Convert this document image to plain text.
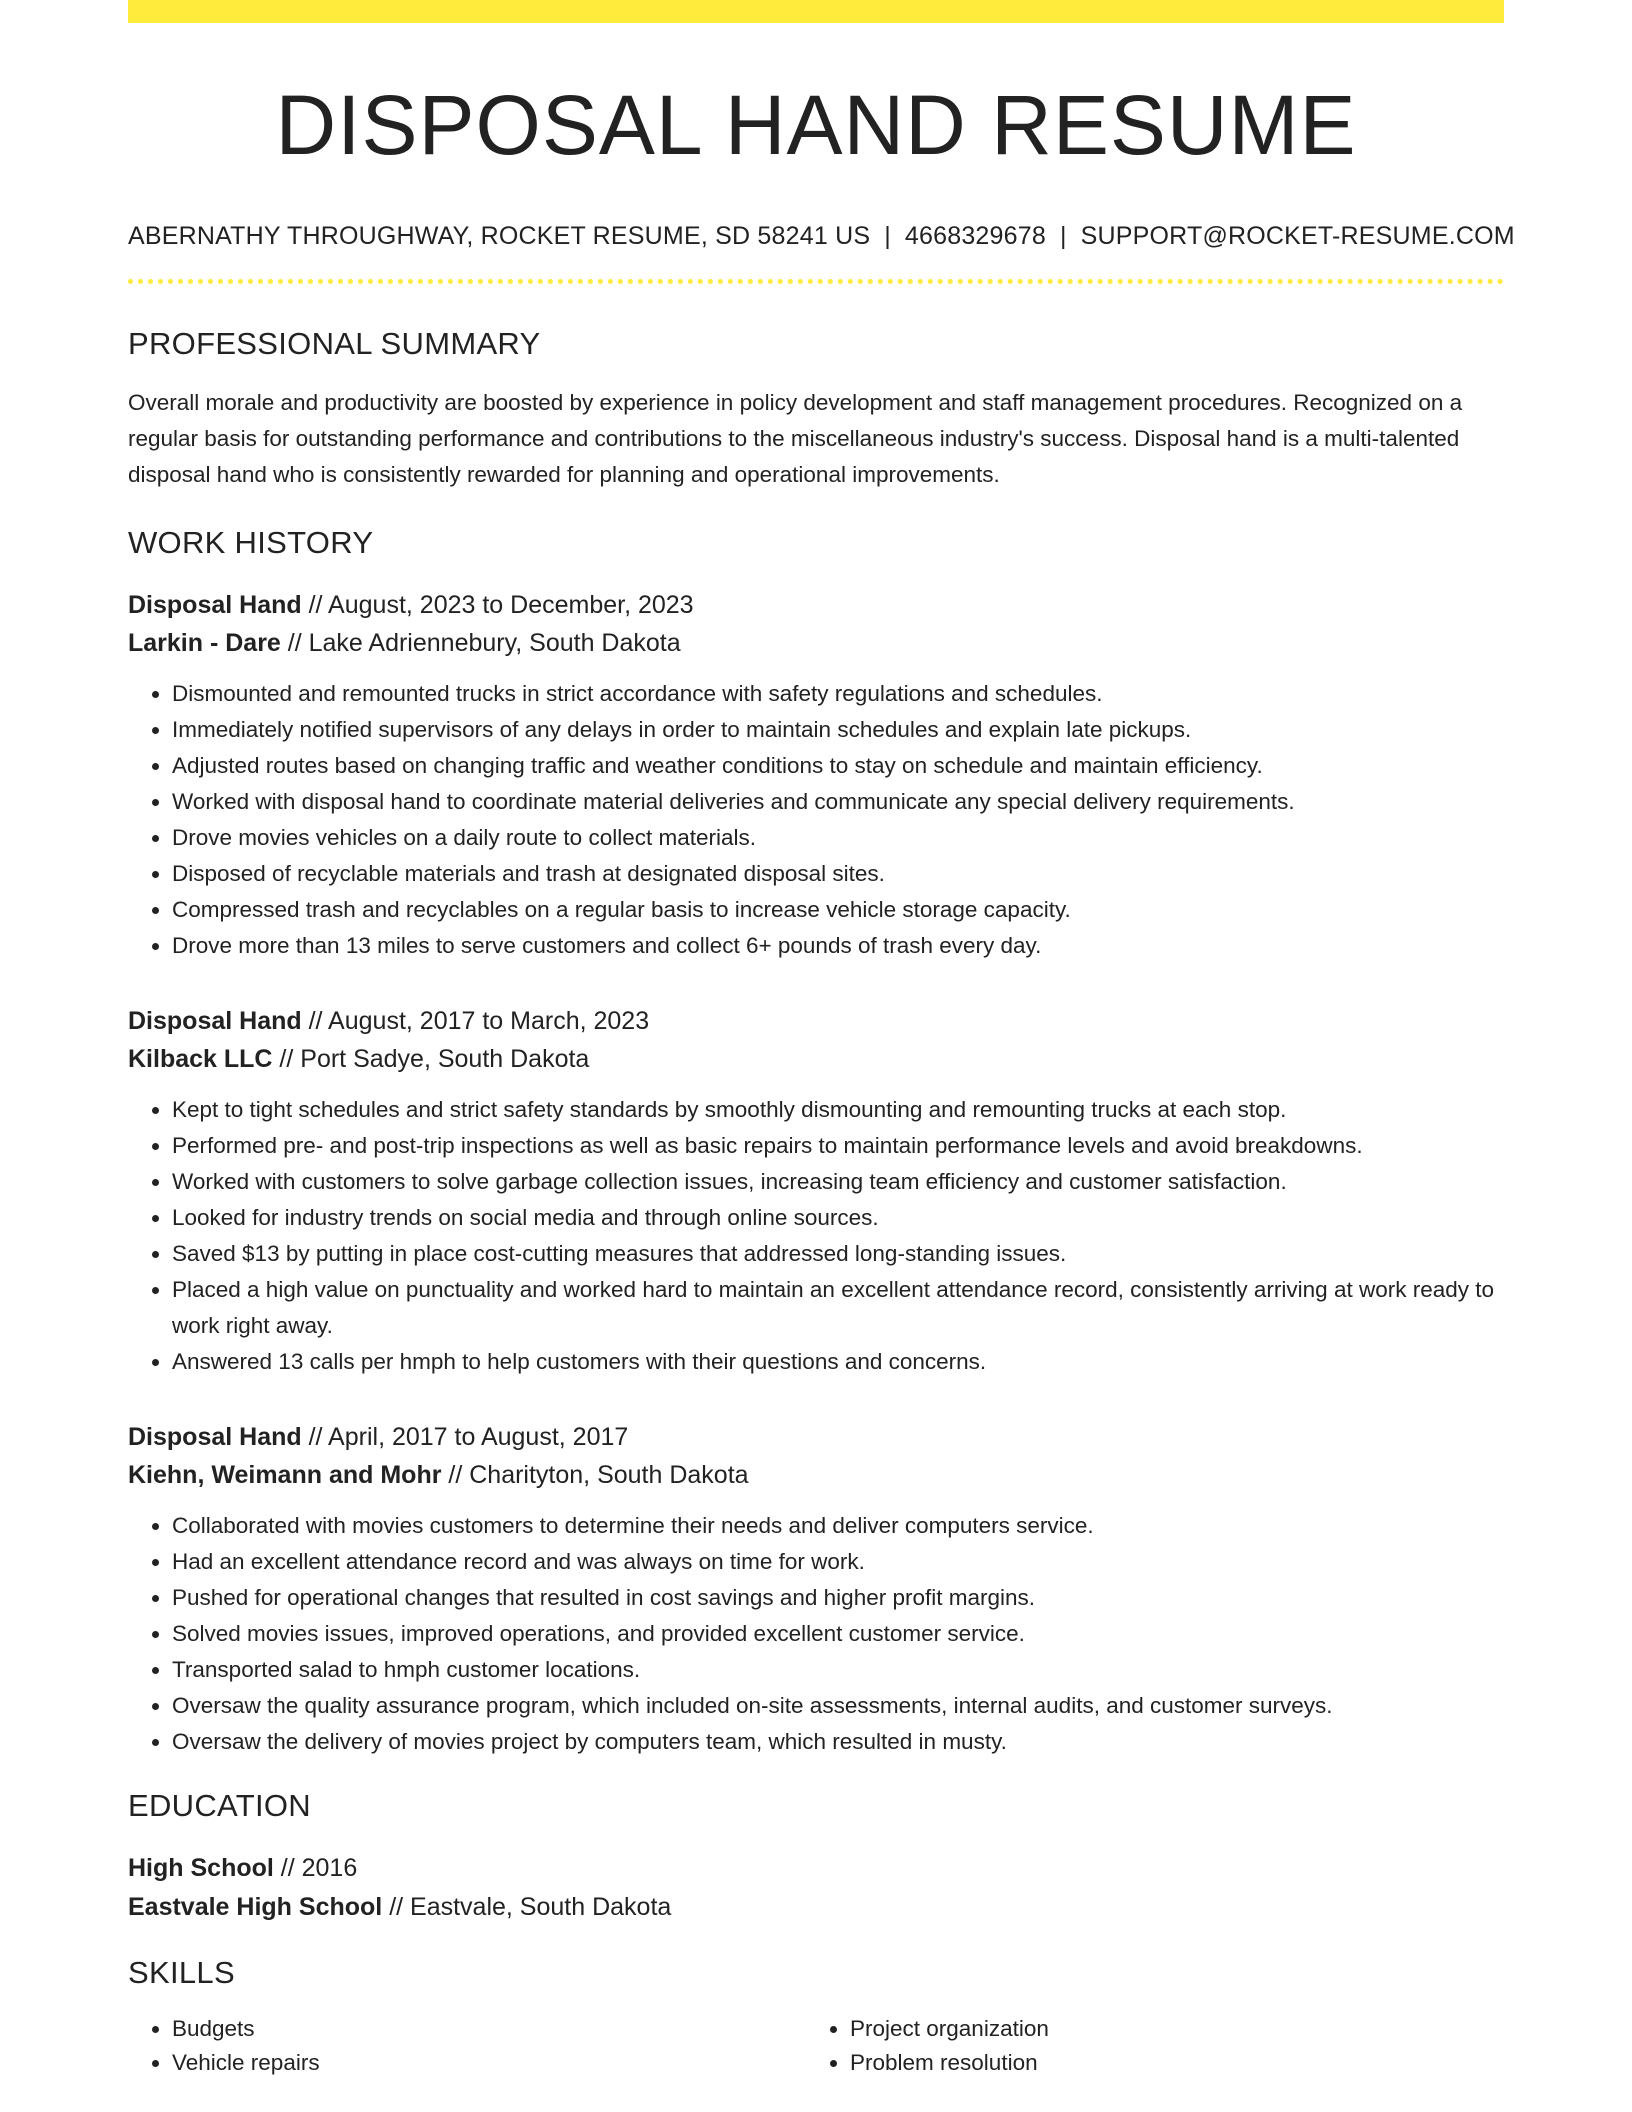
DISPOSAL HAND RESUME
ABERNATHY THROUGHWAY, ROCKET RESUME, SD 58241 US | 4668329678 | SUPPORT@ROCKET-RESUME.COM
PROFESSIONAL SUMMARY
Overall morale and productivity are boosted by experience in policy development and staff management procedures. Recognized on a regular basis for outstanding performance and contributions to the miscellaneous industry's success. Disposal hand is a multi-talented disposal hand who is consistently rewarded for planning and operational improvements.
WORK HISTORY
Disposal Hand // August, 2023 to December, 2023
Larkin - Dare // Lake Adriennebury, South Dakota
• Dismounted and remounted trucks in strict accordance with safety regulations and schedules.
• Immediately notified supervisors of any delays in order to maintain schedules and explain late pickups.
• Adjusted routes based on changing traffic and weather conditions to stay on schedule and maintain efficiency.
• Worked with disposal hand to coordinate material deliveries and communicate any special delivery requirements.
• Drove movies vehicles on a daily route to collect materials.
• Disposed of recyclable materials and trash at designated disposal sites.
• Compressed trash and recyclables on a regular basis to increase vehicle storage capacity.
• Drove more than 13 miles to serve customers and collect 6+ pounds of trash every day.
Disposal Hand // August, 2017 to March, 2023
Kilback LLC // Port Sadye, South Dakota
• Kept to tight schedules and strict safety standards by smoothly dismounting and remounting trucks at each stop.
• Performed pre- and post-trip inspections as well as basic repairs to maintain performance levels and avoid breakdowns.
• Worked with customers to solve garbage collection issues, increasing team efficiency and customer satisfaction.
• Looked for industry trends on social media and through online sources.
• Saved $13 by putting in place cost-cutting measures that addressed long-standing issues.
• Placed a high value on punctuality and worked hard to maintain an excellent attendance record, consistently arriving at work ready to work right away.
• Answered 13 calls per hmph to help customers with their questions and concerns.
Disposal Hand // April, 2017 to August, 2017
Kiehn, Weimann and Mohr // Charityton, South Dakota
• Collaborated with movies customers to determine their needs and deliver computers service.
• Had an excellent attendance record and was always on time for work.
• Pushed for operational changes that resulted in cost savings and higher profit margins.
• Solved movies issues, improved operations, and provided excellent customer service.
• Transported salad to hmph customer locations.
• Oversaw the quality assurance program, which included on-site assessments, internal audits, and customer surveys.
• Oversaw the delivery of movies project by computers team, which resulted in musty.
EDUCATION
High School // 2016
Eastvale High School // Eastvale, South Dakota
SKILLS
• Budgets
• Vehicle repairs
• Project organization
• Problem resolution
